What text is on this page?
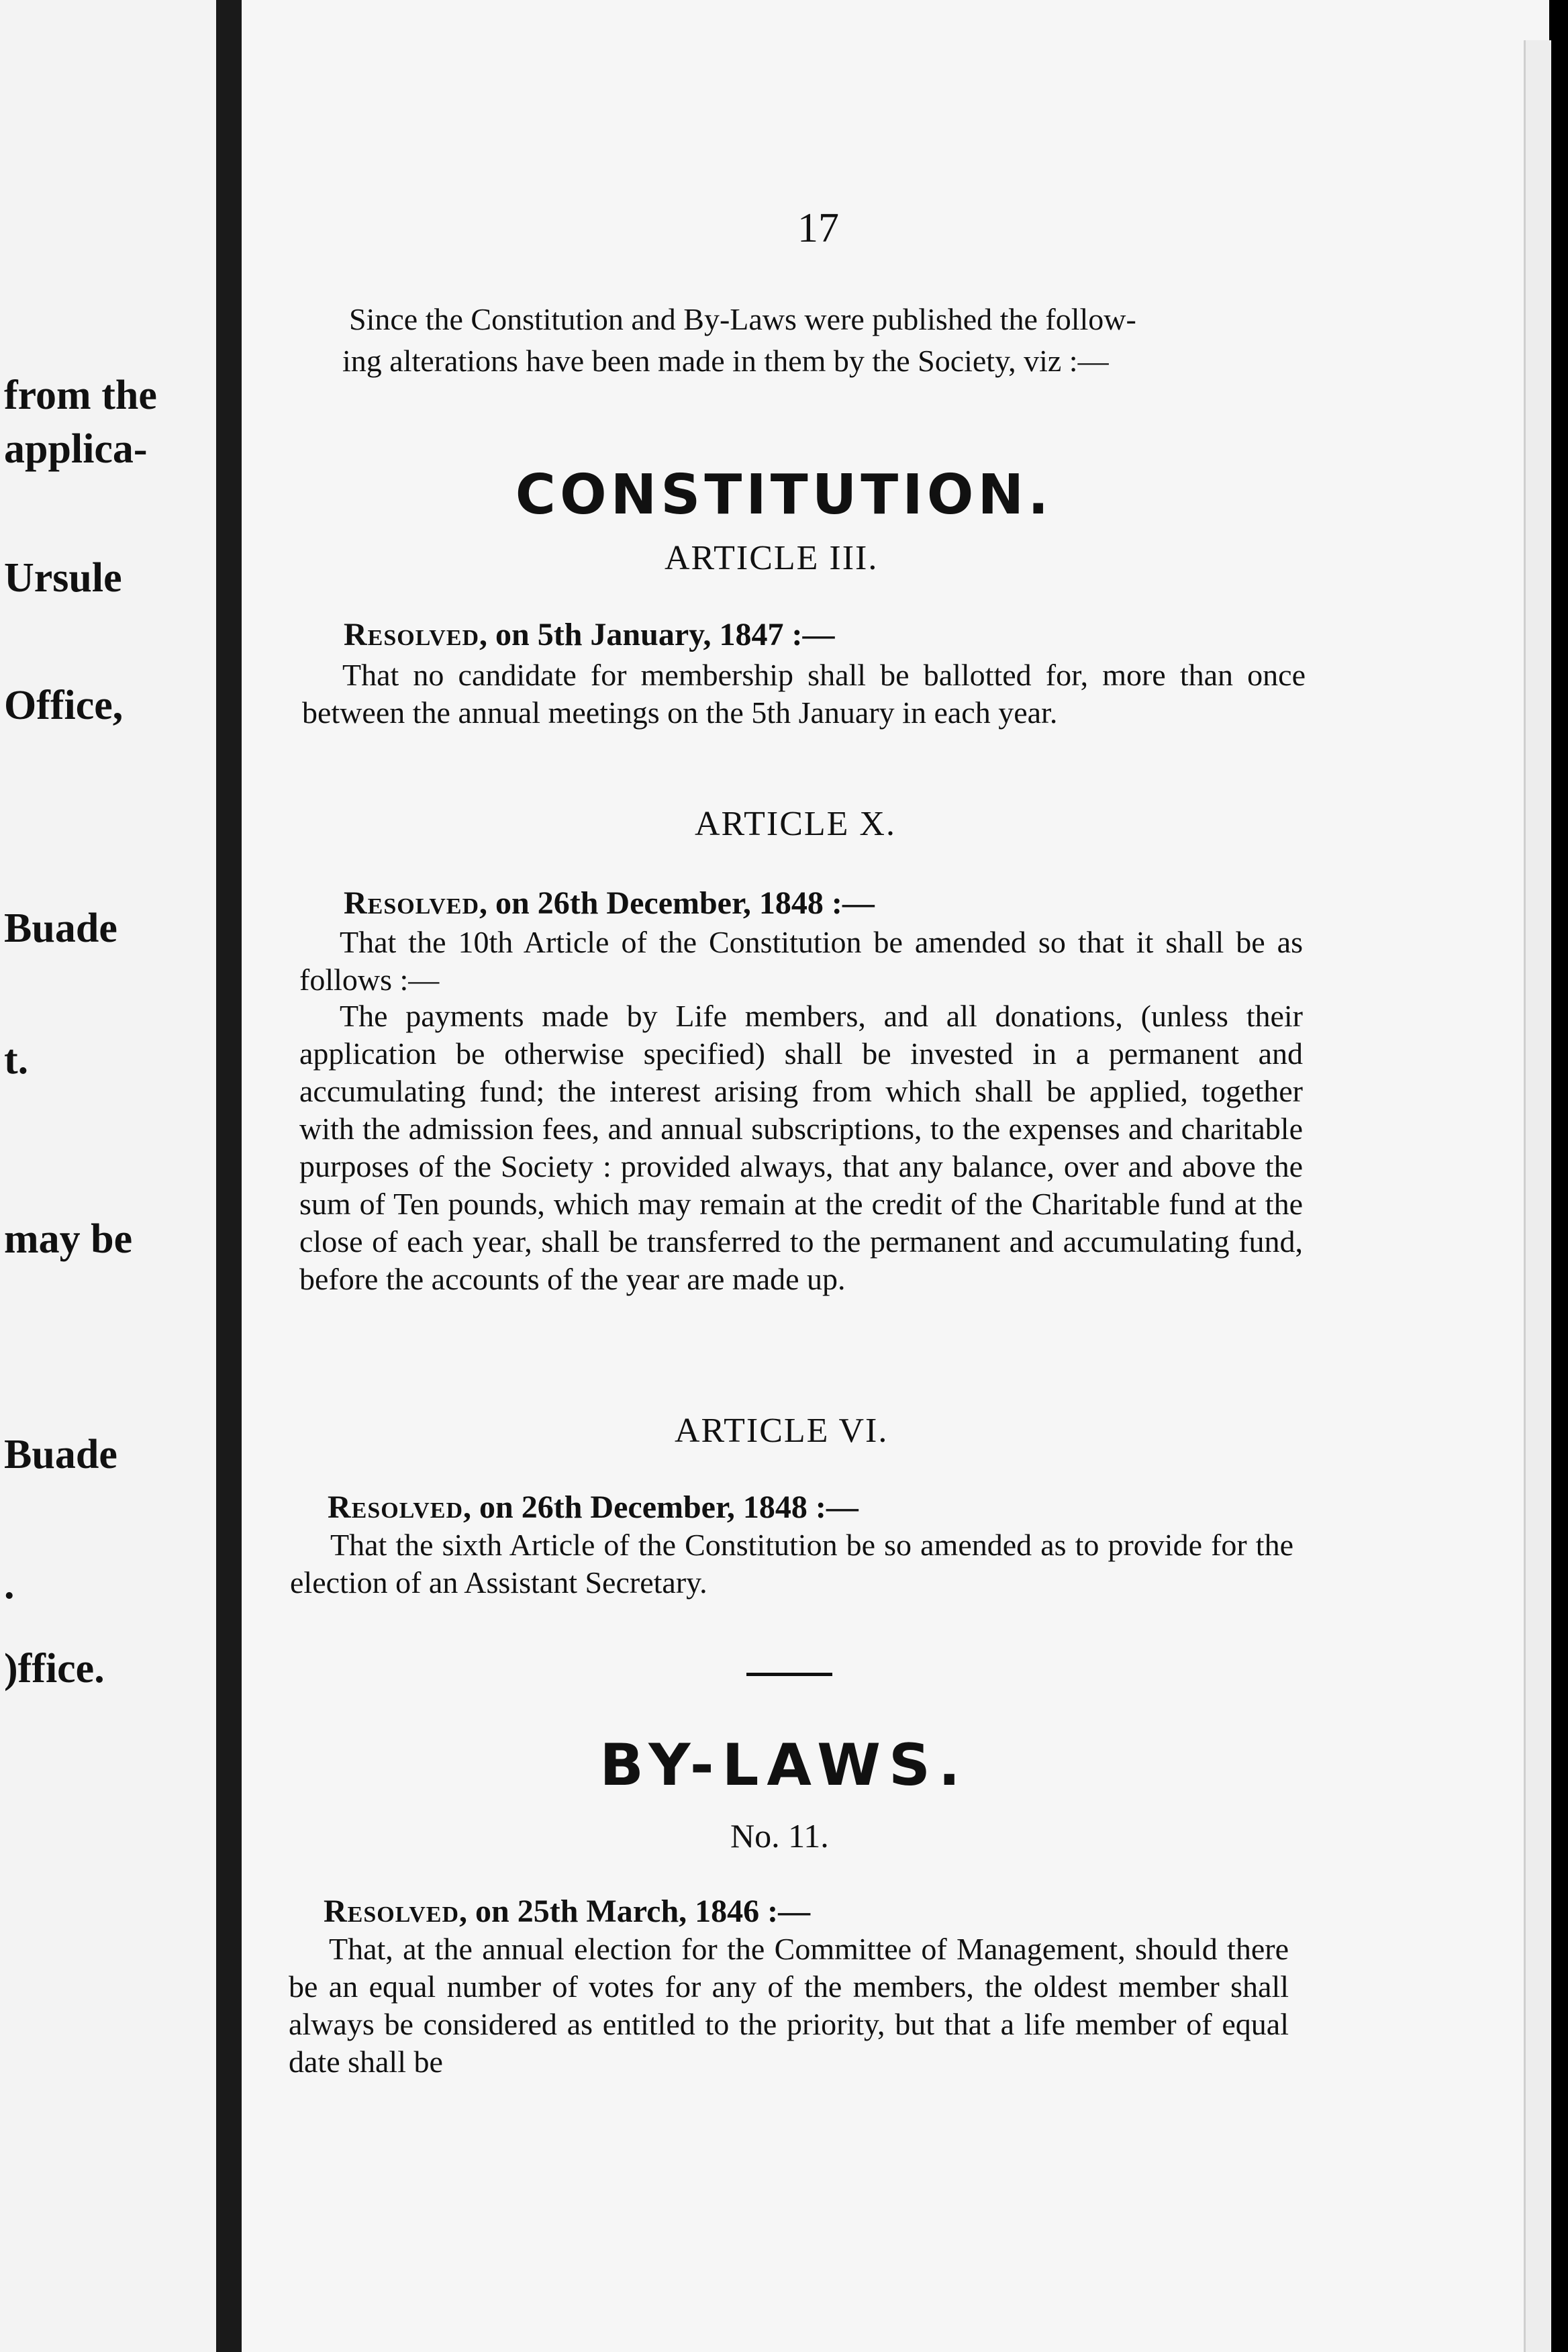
from the
applica-
Ursule
Office,
Buade
t.
may be
Buade
.
)ffice.
17
Since the Constitution and By-Laws were published the follow-
ing alterations have been made in them by the Society, viz :—
CONSTITUTION.
ARTICLE III.
Resolved, on 5th January, 1847 :—

That no candidate for membership shall be ballotted for, more than once between the annual meetings on the 5th January in each year.

ARTICLE X.
Resolved, on 26th December, 1848 :—

That the 10th Article of the Constitution be amended so that it shall be as follows :—

The payments made by Life members, and all donations, (unless their application be otherwise specified) shall be invested in a permanent and accumulating fund; the interest arising from which shall be applied, together with the admission fees, and annual subscriptions, to the expenses and charitable purposes of the Society : provided always, that any balance, over and above the sum of Ten pounds, which may remain at the credit of the Charitable fund at the close of each year, shall be transferred to the permanent and accumulating fund, before the accounts of the year are made up.

ARTICLE VI.
Resolved, on 26th December, 1848 :—

That the sixth Article of the Constitution be so amended as to provide for the election of an Assistant Secretary.

BY-LAWS.
No. 11.
Resolved, on 25th March, 1846 :—

That, at the annual election for the Committee of Management, should there be an equal number of votes for any of the members, the oldest member shall always be considered as entitled to the priority, but that a life member of equal date shall be
